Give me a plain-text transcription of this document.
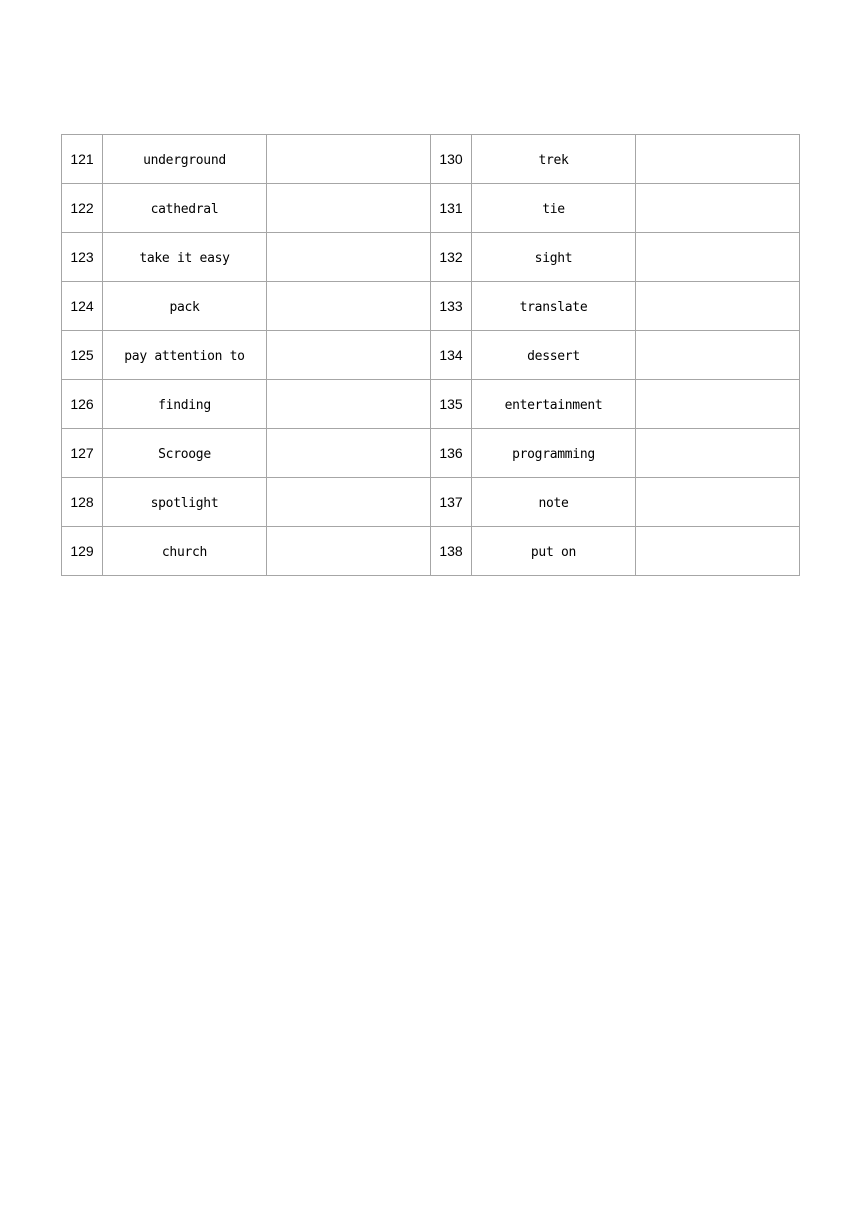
121	underground		130	trek	
122	cathedral		131	tie	
123	take it easy		132	sight	
124	pack		133	translate	
125	pay attention to		134	dessert	
126	finding		135	entertainment	
127	Scrooge		136	programming	
128	spotlight		137	note	
129	church		138	put on	
